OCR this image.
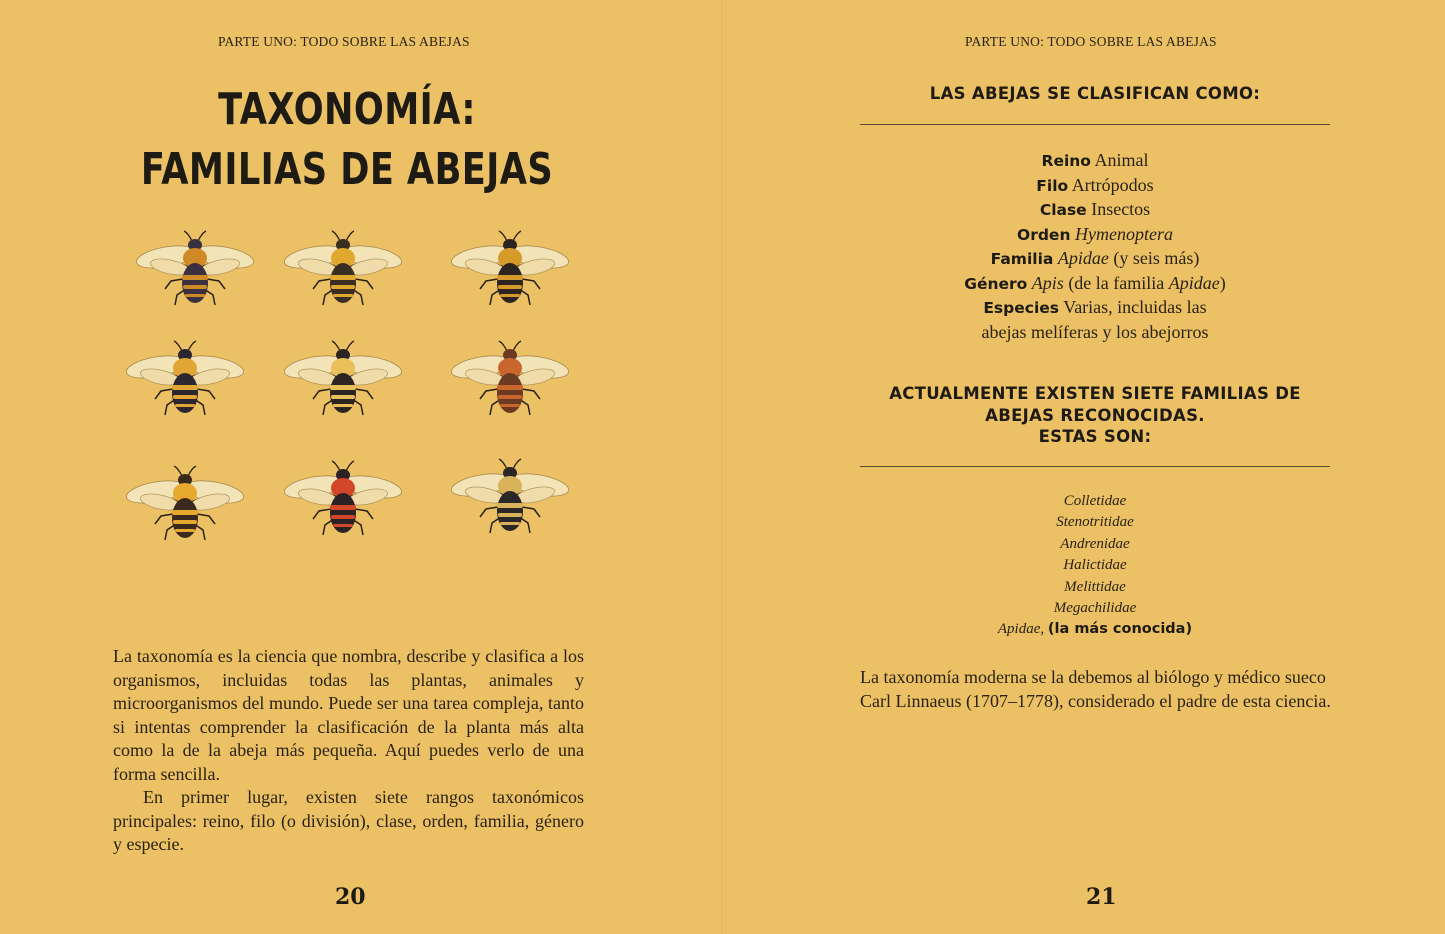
PARTE UNO: TODO SOBRE LAS ABEJAS
TAXONOMÍA:
FAMILIAS DE ABEJAS

La taxonomía es la ciencia que nombra, describe y clasifica a los organismos, incluidas todas las plantas, animales y microorganismos del mundo. Puede ser una tarea compleja, tanto si intentas comprender la clasificación de la planta más alta como la de la abeja más pequeña. Aquí puedes verlo de una forma sencilla.

En primer lugar, existen siete rangos taxonómicos principales: reino, filo (o división), clase, orden, familia, género y especie.

20
PARTE UNO: TODO SOBRE LAS ABEJAS
LAS ABEJAS SE CLASIFICAN COMO:
Reino Animal
Filo Artrópodos
Clase Insectos
Orden Hymenoptera
Familia Apidae (y seis más)
Género Apis (de la familia Apidae)
Especies Varias, incluidas las
abejas melíferas y los abejorros
ACTUALMENTE EXISTEN SIETE FAMILIAS DE
ABEJAS RECONOCIDAS.
ESTAS SON:
Colletidae
Stenotritidae
Andrenidae
Halictidae
Melittidae
Megachilidae
Apidae, (la más conocida)
La taxonomía moderna se la debemos al biólogo y médico sueco Carl Linnaeus (1707–1778), considerado el padre de esta ciencia.
21
